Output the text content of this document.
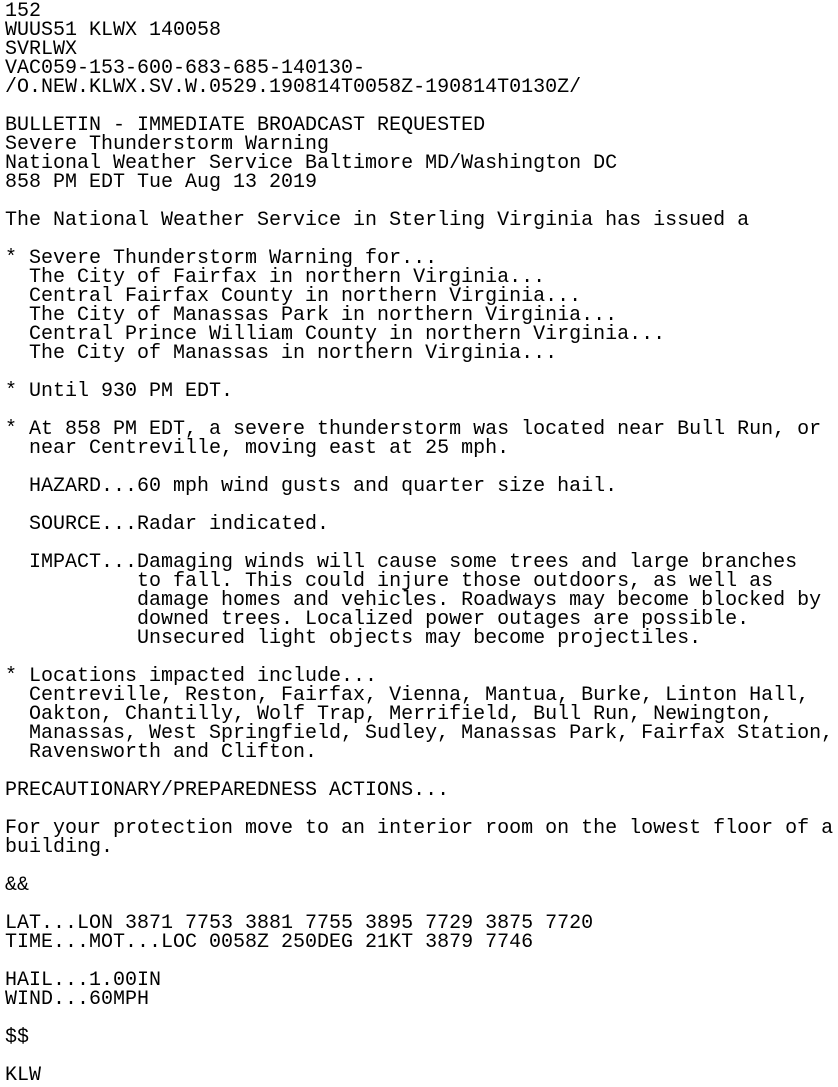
152
WUUS51 KLWX 140058
SVRLWX
VAC059-153-600-683-685-140130-
/O.NEW.KLWX.SV.W.0529.190814T0058Z-190814T0130Z/
BULLETIN - IMMEDIATE BROADCAST REQUESTED
Severe Thunderstorm Warning
National Weather Service Baltimore MD/Washington DC
858 PM EDT Tue Aug 13 2019
The National Weather Service in Sterling Virginia has issued a
* Severe Thunderstorm Warning for...
The City of Fairfax in northern Virginia...
Central Fairfax County in northern Virginia...
The City of Manassas Park in northern Virginia...
Central Prince William County in northern Virginia...
The City of Manassas in northern Virginia...
* Until 930 PM EDT.
* At 858 PM EDT, a severe thunderstorm was located near Bull Run, or
near Centreville, moving east at 25 mph.
HAZARD...60 mph wind gusts and quarter size hail.
SOURCE...Radar indicated.
IMPACT...Damaging winds will cause some trees and large branches
to fall. This could injure those outdoors, as well as
damage homes and vehicles. Roadways may become blocked by
downed trees. Localized power outages are possible.
Unsecured light objects may become projectiles.
* Locations impacted include...
Centreville, Reston, Fairfax, Vienna, Mantua, Burke, Linton Hall,
Oakton, Chantilly, Wolf Trap, Merrifield, Bull Run, Newington,
Manassas, West Springfield, Sudley, Manassas Park, Fairfax Station,
Ravensworth and Clifton.
PRECAUTIONARY/PREPAREDNESS ACTIONS...
For your protection move to an interior room on the lowest floor of a
building.
&&
LAT...LON 3871 7753 3881 7755 3895 7729 3875 7720
TIME...MOT...LOC 0058Z 250DEG 21KT 3879 7746
HAIL...1.00IN
WIND...60MPH
$$
KLW
